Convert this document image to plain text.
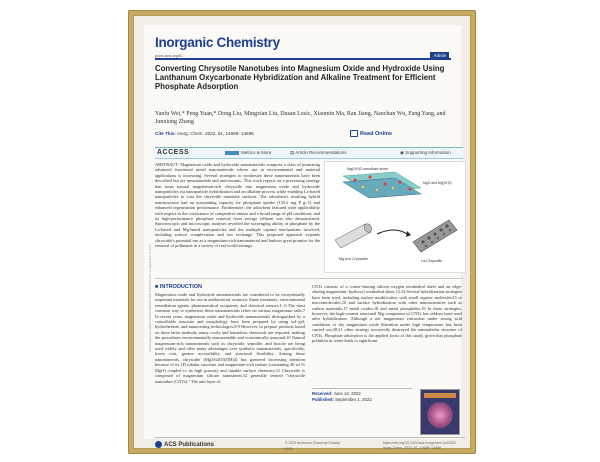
Downloaded via CHINA UNIV OF MINING AND TECHNOLOGY on September 6, 2022
Inorganic Chemistry
pubs.acs.org/IC	Article
Converting Chrysotile Nanotubes into Magnesium Oxide and Hydroxide Using Lanthanum Oxycarbonate Hybridization and Alkaline Treatment for Efficient Phosphate Adsorption
Yanfu Wei,* Peng Yuan,* Dong Liu, Mingxian Liu, Dusan Losic, Xiaomin Ma, Ran Jiang, Nanchun Wu, Fang Yang, and Junxiong Zhang
Cite This: Inorg. Chem. 2022, 61, 14686−14696	Read Online
ACCESS	Metrics & More	▤ Article Recommendations	◉ Supporting Information
ABSTRACT: Magnesium oxide and hydroxide nanomaterials comprise a class of promising advanced functional metal nanomaterials whose use in environmental and material applications is increasing. Several strategies to synthesize these nanomaterials have been described but are unsustainable and uneconomic. This work reports on a processing strategy that turns natural magnesium-rich chrysotile into magnesium oxide and hydroxide nanoparticles via nanoparticle hybridization and an alkaline process while enabling La-based nanoparticles to coat the chrysotile nanotube surfaces. The adsorbent's resulting hybrid nanostructure had an outstanding capacity for phosphate uptake (135.2 mg P g−1) and enhanced regeneration performance. Furthermore, the adsorbent featured wide applicability with respect to the coexistence of competitive anions and a broad range of pH conditions, and its high-performance phosphate removal from sewage effluent was also demonstrated. Spectroscopic and microscopic analyses revealed the scavenging ability of phosphate by the La-based and Mg-based nanoparticles and the multiple capture mechanisms involved, including surface complexation and ion exchange. This proposed approach expands chrysotile's potential use as a magnesium-rich nanomaterial and harbors great promise for the removal of pollutants in a variety of real-world settings.
Mg(OH)2-nanoflake sheet
MgO and Mg(OH)2
Mg-rich Chrysotile	La-Chrysotile
■ INTRODUCTION
Magnesium oxide and hydroxide nanomaterials are considered to be exceptionally important materials for use in antibacterial, nontoxic flame retardants, environmental remediation agents, pharmaceutical excipients, and chemical sensors.1−6 The most common way to synthesize these nanomaterials relies on various magnesium salts.7 In recent years, magnesium oxide and hydroxide nanomaterials distinguished by a controllable structure and morphology have been prepared by using sol−gel, hydrothermal, and nanocasting technologies.8,9 However, to prepare products based on these latter methods, many costly and hazardous chemicals are required, making the procedures environmentally unsustainable and economically unsound.10 Natural magnesium-rich nanominerals such as chrysotile, sepiolite, and brucite are being used widely and offer many advantages over synthetic nanomaterials, specifically, lower cost, greater accessibility, and structural flexibility. Among these nanominerals, chrysotile (Mg3Si2O5(OH)4) has garnered increasing attention because of its 1D tubular structure and magnesium-rich feature (containing 40 wt % MgO) coupled to its high porosity and tunable surface chemistry.11 Chrysotile is composed of magnesium silicate nanosheets,12 generally termed "chrysotile nanotubes (CNTs)." The unit layer of
CNTs consists of a corner-sharing silicon−oxygen tetrahedral sheet and an edge-sharing magnesium−hydroxyl octahedral sheet.13,14 Several hybridization strategies have been tried, including surface modification with small organic molecules15 or macromolecules,16 and surface hybridization with other nanostructures such as carbon materials,17 metal oxides,18 and metal phosphides.19 In these strategies, however, the high-content structural Mg component of CNTs has seldom been used after hybridization. Although a net magnesium extraction under strong acid conditions or dry magnesium oxide liberation under high temperature has been carried out,20,21 other strategy incorrectly destroyed the nanotubular structure of CNTs. Phosphate adsorption is the applied focus of this study, given that phosphate pollution in water leads to significant
Received: June 14, 2022
Published: September 1, 2022
ACS Publications	© 2022 American Chemical Society
14686
https://doi.org/10.1021/acs.inorgchem.2c02052 Inorg. Chem. 2022, 61, 14686−14696
